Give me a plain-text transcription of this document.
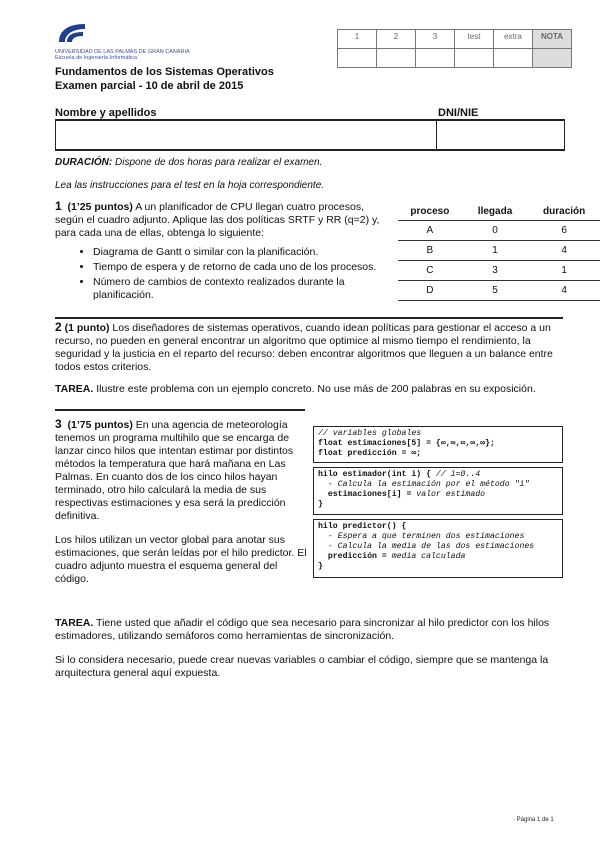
UNIVERSIDAD DE LAS PALMAS DE GRAN CANARIA
Escuela de Ingeniería Informática
1	2	3	test	extra	NOTA

Fundamentos de los Sistemas Operativos
Examen parcial - 10 de abril de 2015
Nombre y apellidos	DNI/NIE
DURACIÓN: Dispone de dos horas para realizar el examen.
Lea las instrucciones para el test en la hoja correspondiente.

1 (1’25 puntos) A un planificador de CPU llegan cuatro procesos, según el cuadro adjunto. Aplique las dos políticas SRTF y RR (q=2) y, para cada una de ellas, obtenga lo siguiente:

• Diagrama de Gantt o similar con la planificación.
• Tiempo de espera y de retorno de cada uno de los procesos.
• Número de cambios de contexto realizados durante la planificación.
proceso	llegada	duración
A	0	6
B	1	4
C	3	1
D	5	4

2 (1 punto) Los diseñadores de sistemas operativos, cuando idean políticas para gestionar el acceso a un recurso, no pueden en general encontrar un algoritmo que optimice al mismo tiempo el rendimiento, la seguridad y la justicia en el reparto del recurso: deben encontrar algoritmos que lleguen a un balance entre todos estos criterios.

TAREA. Ilustre este problema con un ejemplo concreto. No use más de 200 palabras en su exposición.

3 (1’75 puntos) En una agencia de meteorología tenemos un programa multihilo que se encarga de lanzar cinco hilos que intentan estimar por distintos métodos la temperatura que hará mañana en Las Palmas. En cuanto dos de los cinco hilos hayan terminado, otro hilo calculará la media de sus respectivas estimaciones y esa será la predicción definitiva.

Los hilos utilizan un vector global para anotar sus estimaciones, que serán leídas por el hilo predictor. El cuadro adjunto muestra el esquema general del código.

// variables globales
float estimaciones[5] = {∞,∞,∞,∞,∞};
float predicción = ∞;
hilo estimador(int i) { // i=0..4
- Calcula la estimación por el método "i"
estimaciones[i] = valor estimado
}
hilo predictor() {
- Espera a que terminen dos estimaciones
- Calcula la media de las dos estimaciones
predicción = media calculada
}

TAREA. Tiene usted que añadir el código que sea necesario para sincronizar al hilo predictor con los hilos estimadores, utilizando semáforos como herramientas de sincronización.

Si lo considera necesario, puede crear nuevas variables o cambiar el código, siempre que se mantenga la arquitectura general aquí expuesta.

· Página 1 de 1
